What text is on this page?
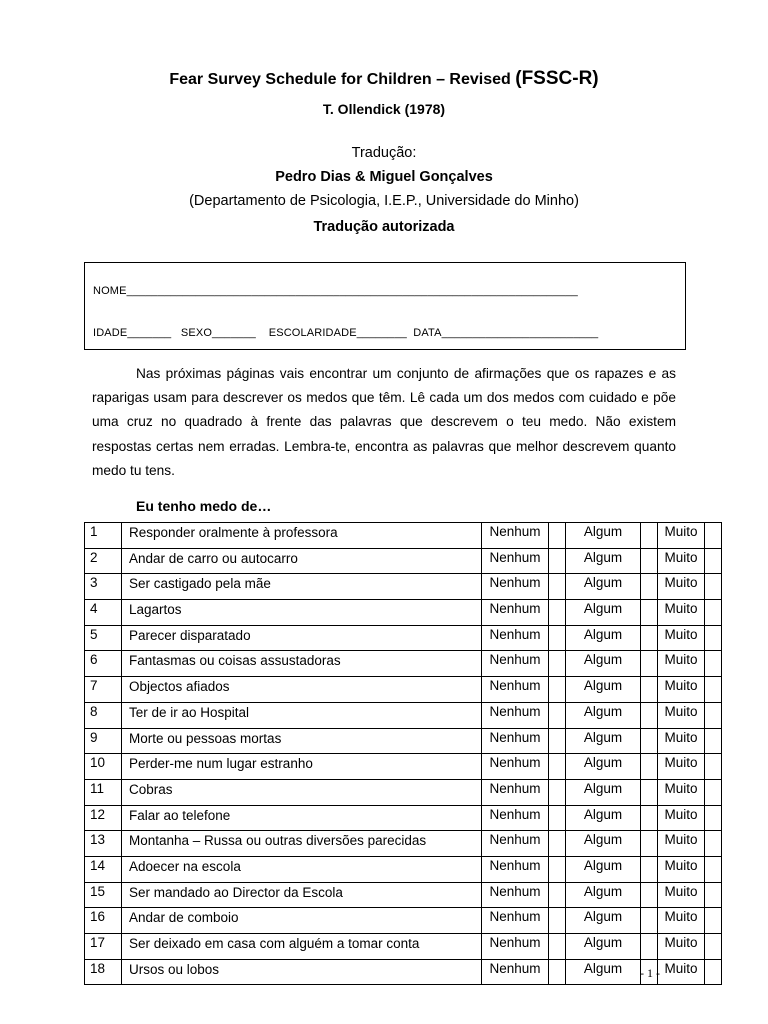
Fear Survey Schedule for Children – Revised (FSSC-R)
T. Ollendick (1978)
Tradução:
Pedro Dias & Miguel Gonçalves
(Departamento de Psicologia, I.E.P., Universidade do Minho)
Tradução autorizada
NOME________________________________________________________________________
IDADE_______   SEXO_______    ESCOLARIDADE________  DATA_________________________
Nas próximas páginas vais encontrar um conjunto de afirmações que os rapazes e as raparigas usam para descrever os medos que têm. Lê cada um dos medos com cuidado e põe uma cruz no quadrado à frente das palavras que descrevem o teu medo. Não existem respostas certas nem erradas. Lembra-te, encontra as palavras que melhor descrevem quanto medo tu tens.
Eu tenho medo de…
1	Responder oralmente à professora	Nenhum		Algum		Muito	
2	Andar de carro ou autocarro	Nenhum		Algum		Muito	
3	Ser castigado pela mãe	Nenhum		Algum		Muito	
4	Lagartos	Nenhum		Algum		Muito	
5	Parecer disparatado	Nenhum		Algum		Muito	
6	Fantasmas ou coisas assustadoras	Nenhum		Algum		Muito	
7	Objectos afiados	Nenhum		Algum		Muito	
8	Ter de ir ao Hospital	Nenhum		Algum		Muito	
9	Morte ou pessoas mortas	Nenhum		Algum		Muito	
10	Perder-me num lugar estranho	Nenhum		Algum		Muito	
11	Cobras	Nenhum		Algum		Muito	
12	Falar ao telefone	Nenhum		Algum		Muito	
13	Montanha – Russa ou outras diversões parecidas	Nenhum		Algum		Muito	
14	Adoecer na escola	Nenhum		Algum		Muito	
15	Ser mandado ao Director da Escola	Nenhum		Algum		Muito	
16	Andar de comboio	Nenhum		Algum		Muito	
17	Ser deixado em casa com alguém a tomar conta	Nenhum		Algum		Muito	
18	Ursos ou lobos	Nenhum		Algum		Muito	
- 1 -
